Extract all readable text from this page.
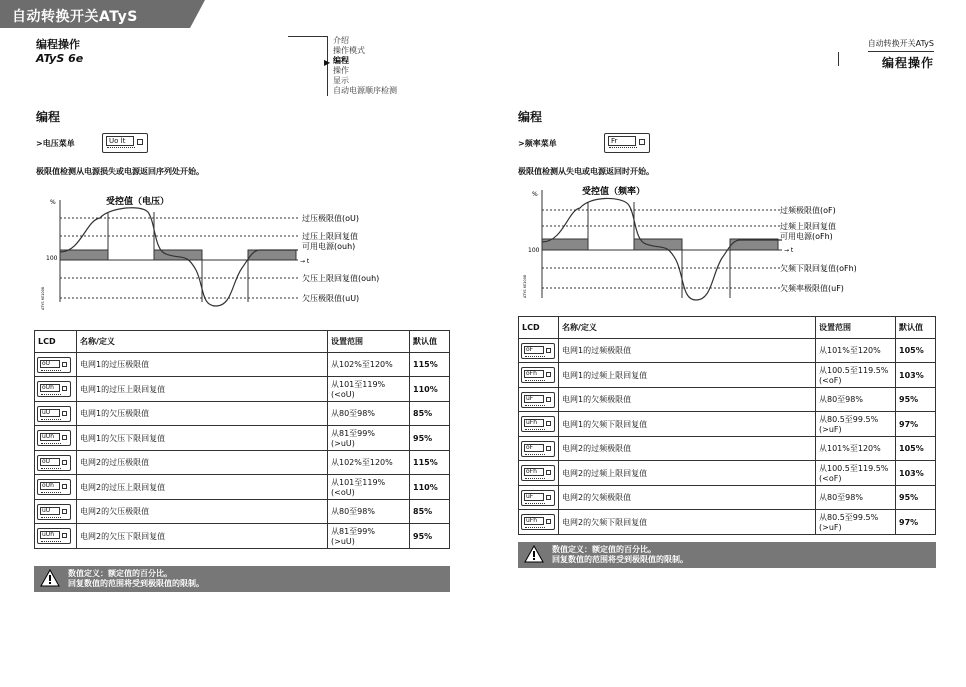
自动转换开关ATyS
编程操作
ATyS 6e	▶
介绍
操作模式
编程
操作
显示
自动电源顺序检测
自动转换开关ATyS
编程操作
编程
>电压菜单	Uo lt
极限值检测从电源损失或电源返回序列处开始。
%	受控值（电压）
100	→ t
过压极限值(oU)
过压上限回复值
可用电源(ouh)
欠压上限回复值(ouh)
欠压极限值(uU)
ATYS 6E1008
LCD	名称/定义	设置范围	默认值

oU	电网1的过压极限值	从102%至120%	115%

oUh	电网1的过压上限回复值	从101至119%
(<oU)	110%

uU	电网1的欠压极限值	从80至98%	85%

uUh	电网1的欠压下限回复值	从81至99%
(>uU)	95%

oU	电网2的过压极限值	从102%至120%	115%

oUh	电网2的过压上限回复值	从101至119%
(<oU)	110%

uU	电网2的欠压极限值	从80至98%	85%

uUh	电网2的欠压下限回复值	从81至99%
(>uU)	95%
数值定义：额定值的百分比。
回复数值的范围将受到极限值的限制。
编程
>频率菜单	Fr
极限值检测从失电或电源返回时开始。
%	受控值（频率）
100	→ t
过频极限值(oF)
过频上限回复值
可用电源(oFh)
欠频下限回复值(oFh)
欠频率极限值(uF)
ATYS 6E1008
LCD	名称/定义	设置范围	默认值

oF	电网1的过频极限值	从101%至120%	105%

oFh	电网1的过频上限回复值	从100.5至119.5%
(<oF)	103%

uF	电网1的欠频极限值	从80至98%	95%

uFh	电网1的欠频下限回复值	从80.5至99.5%
(>uF)	97%

oF	电网2的过频极限值	从101%至120%	105%

oFh	电网2的过频上限回复值	从100.5至119.5%
(<oF)	103%

uF	电网2的欠频极限值	从80至98%	95%

uFh	电网2的欠频下限回复值	从80.5至99.5%
(>uF)	97%
数值定义：额定值的百分比。
回复数值的范围将受到极限值的限制。
